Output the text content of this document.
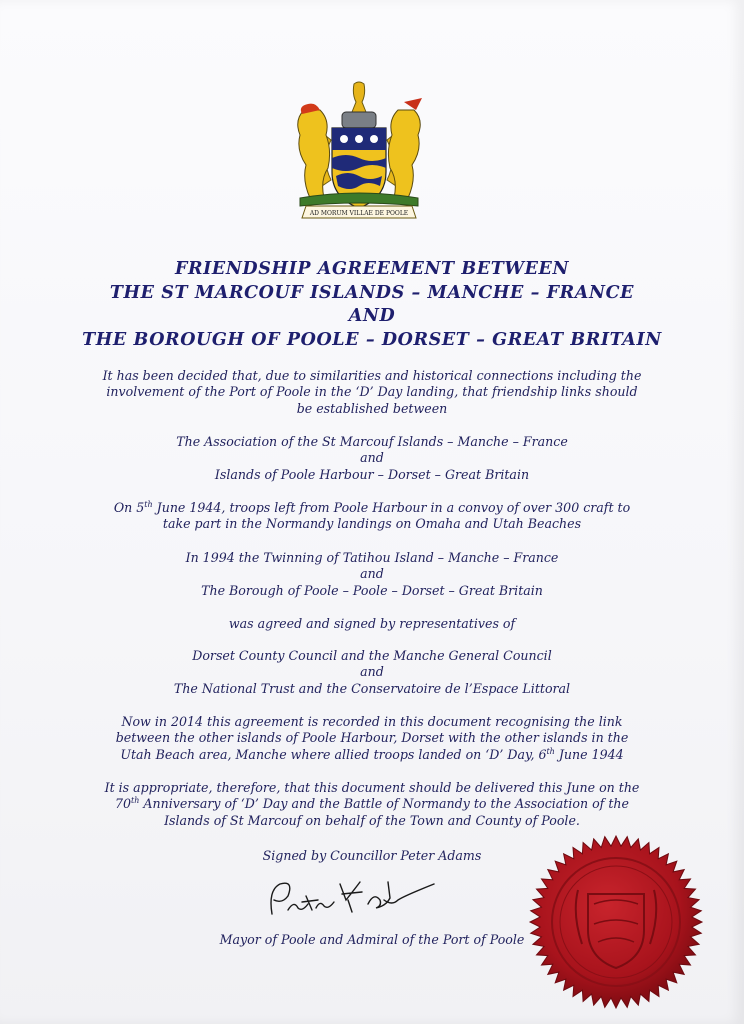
AD MORUM VILLAE DE POOLE
FRIENDSHIP AGREEMENT BETWEEN
THE ST MARCOUF ISLANDS – MANCHE – FRANCE
AND
THE BOROUGH OF POOLE – DORSET – GREAT BRITAIN
It has been decided that, due to similarities and historical connections including the
involvement of the Port of Poole in the ‘D’ Day landing, that friendship links should
be established between
The Association of the St Marcouf Islands – Manche – France
and
Islands of Poole Harbour – Dorset – Great Britain
On 5th June 1944, troops left from Poole Harbour in a convoy of over 300 craft to
take part in the Normandy landings on Omaha and Utah Beaches
In 1994 the Twinning of Tatihou Island – Manche – France
and
The Borough of Poole – Poole – Dorset – Great Britain
was agreed and signed by representatives of
Dorset County Council and the Manche General Council
and
The National Trust and the Conservatoire de l’Espace Littoral
Now in 2014 this agreement is recorded in this document recognising the link
between the other islands of Poole Harbour, Dorset with the other islands in the
Utah Beach area, Manche where allied troops landed on ‘D’ Day, 6th June 1944
It is appropriate, therefore, that this document should be delivered this June on the
70th Anniversary of ‘D’ Day and the Battle of Normandy to the Association of the
Islands of St Marcouf on behalf of the Town and County of Poole.
Signed by Councillor Peter Adams
Mayor of Poole and Admiral of the Port of Poole
